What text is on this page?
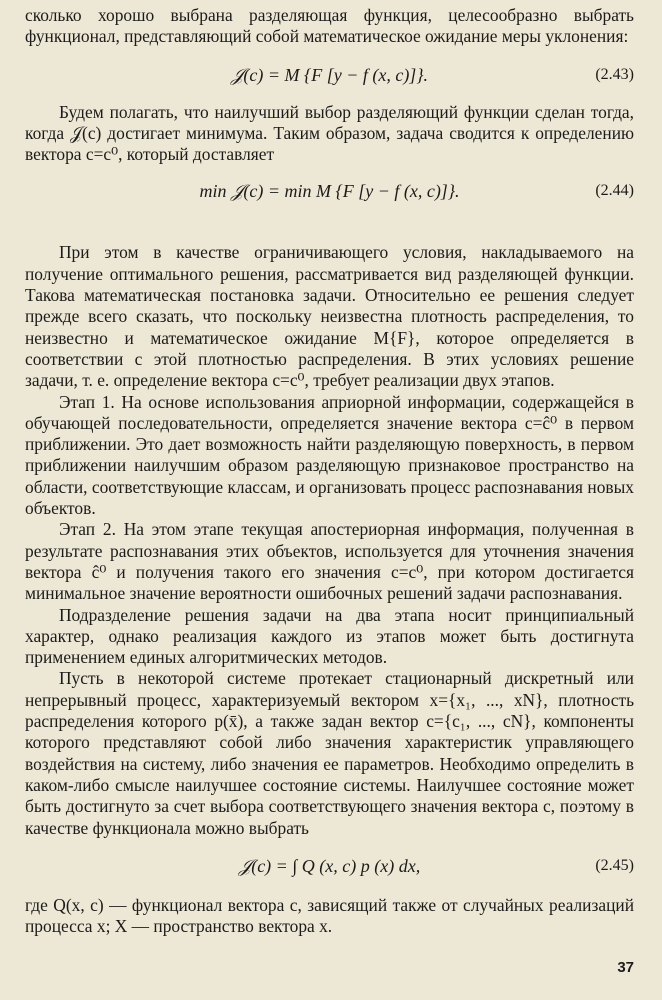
сколько хорошо выбрана разделяющая функция, целесообразно выбрать функционал, представляющий собой математическое ожидание меры уклонения:

𝒥(c) = M {F [y − f (x, c)]}.	(2.43)

Будем полагать, что наилучший выбор разделяющий функции сделан тогда, когда 𝒥(c) достигает минимума. Таким образом, задача сводится к определению вектора c=c⁰, который доставляет

min 𝒥(c) = min M {F [y − f (x, c)]}.	(2.44)

При этом в качестве ограничивающего условия, накладываемого на получение оптимального решения, рассматривается вид разделяющей функции. Такова математическая постановка задачи. Относительно ее решения следует прежде всего сказать, что поскольку неизвестна плотность распределения, то неизвестно и математическое ожидание M{F}, которое определяется в соответствии с этой плотностью распределения. В этих условиях решение задачи, т. е. определение вектора c=c⁰, требует реализации двух этапов.

Этап 1. На основе использования априорной информации, содержащейся в обучающей последовательности, определяется значение вектора c=ĉ⁰ в первом приближении. Это дает возможность найти разделяющую поверхность, в первом приближении наилучшим образом разделяющую признаковое пространство на области, соответствующие классам, и организовать процесс распознавания новых объектов.

Этап 2. На этом этапе текущая апостериорная информация, полученная в результате распознавания этих объектов, используется для уточнения значения вектора ĉ⁰ и получения такого его значения c=c⁰, при котором достигается минимальное значение вероятности ошибочных решений задачи распознавания.

Подразделение решения задачи на два этапа носит принципиальный характер, однако реализация каждого из этапов может быть достигнута применением единых алгоритмических методов.

Пусть в некоторой системе протекает стационарный дискретный или непрерывный процесс, характеризуемый вектором x={x₁, ..., xN}, плотность распределения которого p(x̄), а также задан вектор c={c₁, ..., cN}, компоненты которого представляют собой либо значения характеристик управляющего воздействия на систему, либо значения ее параметров. Необходимо определить в каком-либо смысле наилучшее состояние системы. Наилучшее состояние может быть достигнуто за счет выбора соответствующего значения вектора c, поэтому в качестве функционала можно выбрать

𝒥(c) = ∫ Q (x, c) p (x) dx,	(2.45)

где Q(x, c) — функционал вектора c, зависящий также от случайных реализаций процесса x; X — пространство вектора x.

37
